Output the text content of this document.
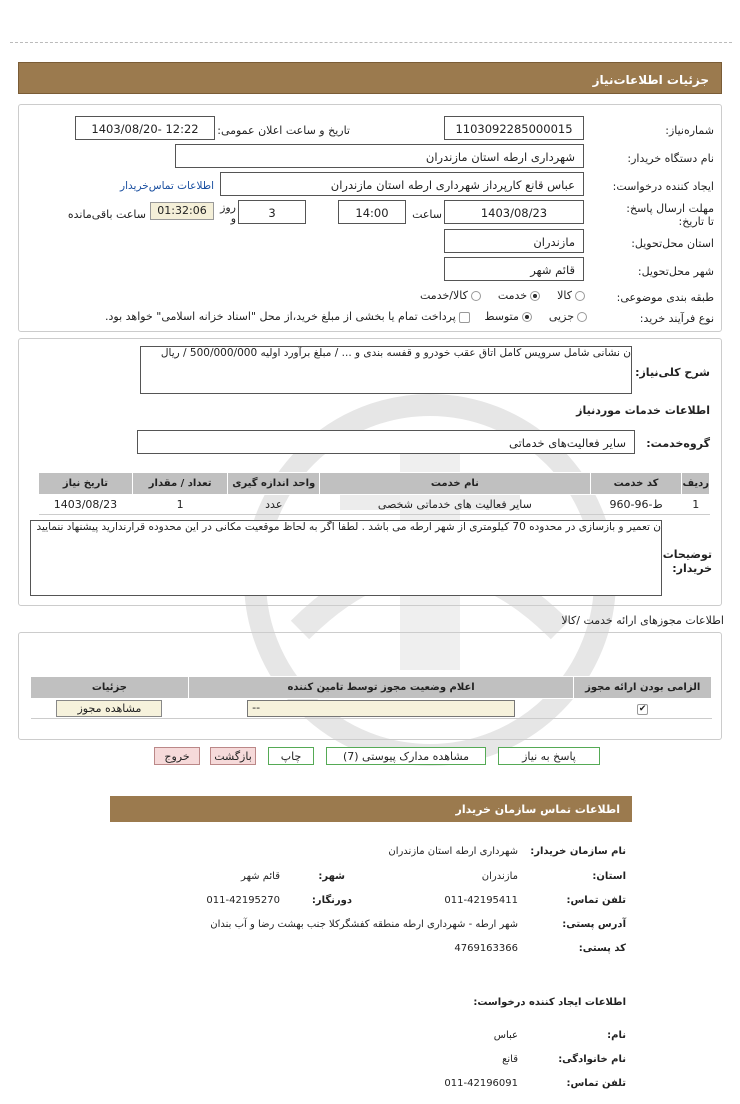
جزئیات اطلاعات‌نیاز
شماره‌نیاز:
1103092285000015
تاریخ و ساعت اعلان عمومی:
1403/08/20- 12:22
نام دستگاه خریدار:
شهرداری ارطه استان مازندران
ایجاد کننده درخواست:
عباس قانع کارپرداز شهرداری ارطه استان مازندران
اطلاعات تماس‌خریدار
مهلت ارسال پاسخ: تا تاریخ:
1403/08/23
ساعت
14:00
3
روز و
01:32:06
ساعت باقی‌مانده
استان محل‌تحویل:
مازندران
شهر محل‌تحویل:
قائم شهر
طبقه بندی موضوعی:
کالا    خدمت    کالا/خدمت
نوع فرآیند خرید:
جزیی    متوسط     پرداخت تمام یا بخشی از مبلغ خرید،از محل "اسناد خزانه اسلامی" خواهد بود.
شرح کلی‌نیاز:
ن نشانی شامل سرویس کامل اتاق عقب خودرو و قفسه بندی و ... / مبلغ برآورد اولیه 500/000/000 / ریال
اطلاعات خدمات موردنیاز
گروه‌خدمت:
سایر فعالیت‌های خدماتی
ردیف	کد خدمت	نام خدمت	واحد اندازه گیری	تعداد / مقدار	تاریخ نیاز
1	ط-96-960	سایر فعالیت های خدماتی شخصی	عدد	1	1403/08/23
ن تعمیر و بازسازی در محدوده 70 کیلومتری از شهر ارطه می باشد . لطفا اگر به لحاظ موقعیت مکانی در این محدوده قرارندارید پیشنهاد ننمایید
توضیحات خریدار:
اطلاعات مجوزهای ارائه خدمت /کالا
الزامی بودن ارائه مجوز	اعلام وضعیت مجوز توسط تامین کننده	جزئیات
✔	--	مشاهده مجوز
پاسخ به نیاز
مشاهده مدارک پیوستی (7)
چاپ
بازگشت
خروج
اطلاعات تماس سازمان خریدار
نام سازمان خریدار:
شهرداری ارطه استان مازندران
استان:
مازندران
شهر:
قائم شهر
تلفن تماس:
011-42195411
دورنگار:
011-42195270
آدرس پستی:
شهر ارطه - شهرداری ارطه منطقه کفشگرکلا جنب بهشت رضا و آب بندان
کد پستی:
4769163366
اطلاعات ایجاد کننده درخواست:
نام:
عباس
نام خانوادگی:
قانع
تلفن تماس:
011-42196091
